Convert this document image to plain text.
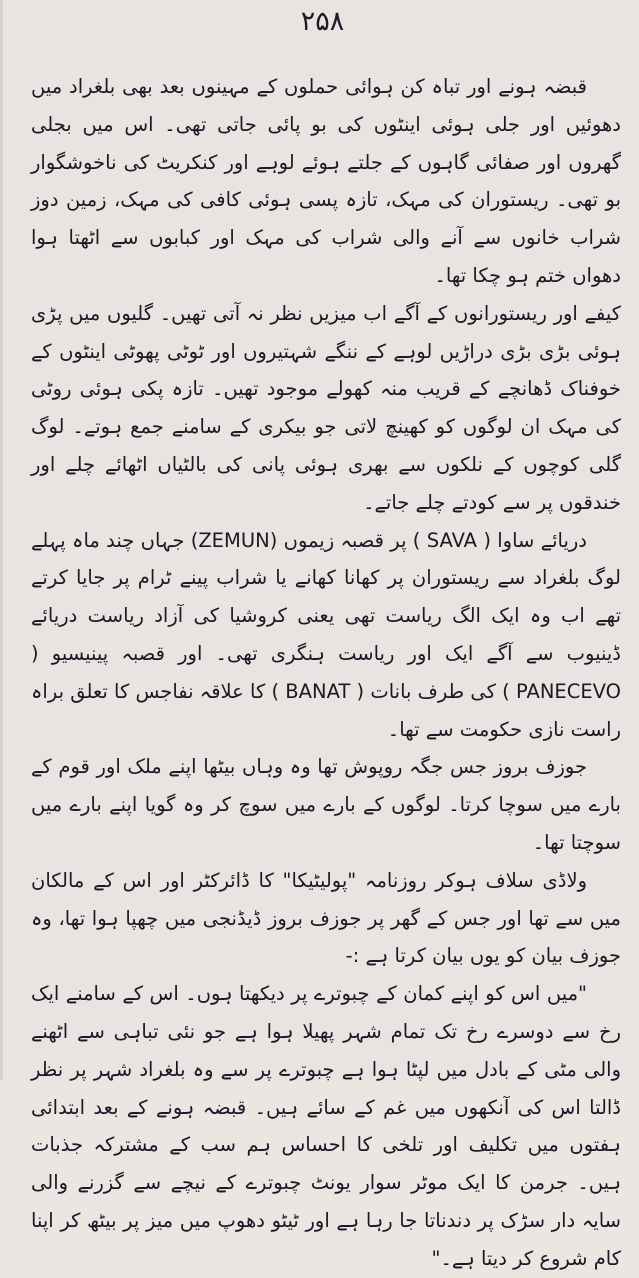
۲۵۸

قبضہ ہونے اور تباہ کن ہوائی حملوں کے مہینوں بعد بھی بلغراد میں دھوئیں اور جلی ہوئی اینٹوں کی بو پائی جاتی تھی۔ اس میں بجلی گھروں اور صفائی گاہوں کے جلتے ہوئے لوہے اور کنکریٹ کی ناخوشگوار بو تھی۔ ریستوران کی مہک، تازہ پسی ہوئی کافی کی مہک، زمین دوز شراب خانوں سے آنے والی شراب کی مہک اور کبابوں سے اٹھتا ہوا دھواں ختم ہو چکا تھا۔

کیفے اور ریستورانوں کے آگے اب میزیں نظر نہ آتی تھیں۔ گلیوں میں پڑی ہوئی بڑی بڑی دراڑیں لوہے کے ننگے شہتیروں اور ٹوٹی پھوٹی اینٹوں کے خوفناک ڈھانچے کے قریب منہ کھولے موجود تھیں۔ تازہ پکی ہوئی روٹی کی مہک ان لوگوں کو کھینچ لاتی جو بیکری کے سامنے جمع ہوتے۔ لوگ گلی کوچوں کے نلکوں سے بھری ہوئی پانی کی بالٹیاں اٹھائے چلے اور خندقوں پر سے کودتے چلے جاتے۔

دریائے ساوا ( SAVA ) پر قصبہ زیموں (ZEMUN) جہاں چند ماہ پہلے لوگ بلغراد سے ریستوران پر کھانا کھانے یا شراب پینے ٹرام پر جایا کرتے تھے اب وہ ایک الگ ریاست تھی یعنی کروشیا کی آزاد ریاست دریائے ڈینیوب سے آگے ایک اور ریاست ہنگری تھی۔ اور قصبہ پینیسیو ( PANECEVO ) کی طرف بانات ( BANAT ) کا علاقہ نفاجس کا تعلق براہ راست نازی حکومت سے تھا۔

جوزف بروز جس جگہ روپوش تھا وہ وہاں بیٹھا اپنے ملک اور قوم کے بارے میں سوچا کرتا۔ لوگوں کے بارے میں سوچ کر وہ گویا اپنے بارے میں سوچتا تھا۔

ولاڈی سلاف ہوکر روزنامہ "پولیٹیکا" کا ڈائرکٹر اور اس کے مالکان میں سے تھا اور جس کے گھر پر جوزف بروز ڈیڈنجی میں چھپا ہوا تھا، وہ جوزف بیان کو یوں بیان کرتا ہے :-

"میں اس کو اپنے کمان کے چبوترے پر دیکھتا ہوں۔ اس کے سامنے ایک رخ سے دوسرے رخ تک تمام شہر پھیلا ہوا ہے جو نئی تباہی سے اٹھنے والی مٹی کے بادل میں لپٹا ہوا ہے چبوترے پر سے وہ بلغراد شہر پر نظر ڈالتا اس کی آنکھوں میں غم کے سائے ہیں۔ قبضہ ہونے کے بعد ابتدائی ہفتوں میں تکلیف اور تلخی کا احساس ہم سب کے مشترکہ جذبات ہیں۔ جرمن کا ایک موٹر سوار یونٹ چبوترے کے نیچے سے گزرنے والی سایہ دار سڑک پر دندناتا جا رہا ہے اور ٹیٹو دھوپ میں میز پر بیٹھ کر اپنا کام شروع کر دیتا ہے۔"
